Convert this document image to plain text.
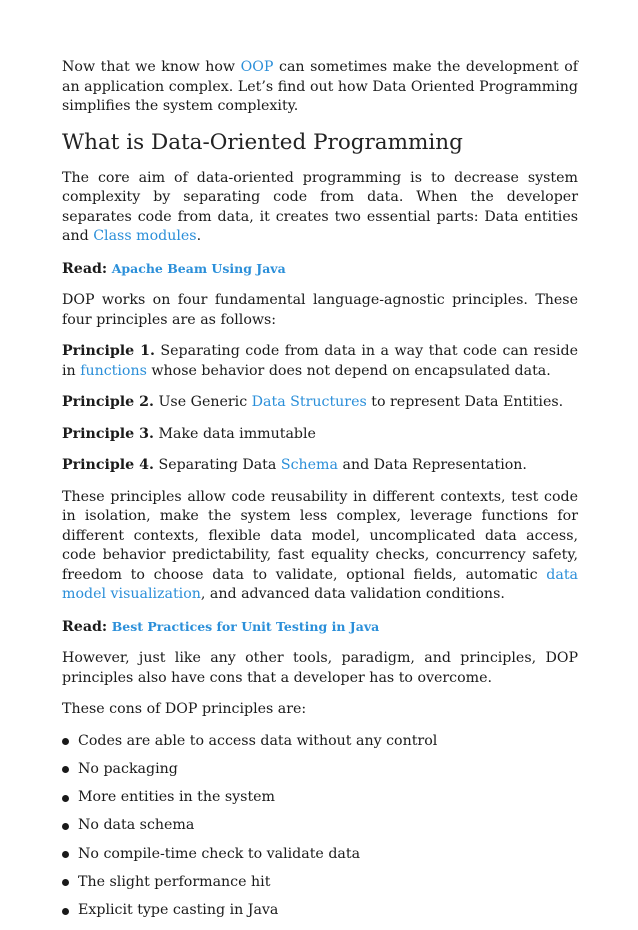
Now that we know how OOP can sometimes make the development of an application complex. Let’s find out how Data Oriented Programming simplifies the system complexity.

What is Data-Oriented Programming

The core aim of data-oriented programming is to decrease system complexity by separating code from data. When the developer separates code from data, it creates two essential parts: Data entities and Class modules.

Read: Apache Beam Using Java

DOP works on four fundamental language-agnostic principles. These four principles are as follows:

Principle 1. Separating code from data in a way that code can reside in functions whose behavior does not depend on encapsulated data.

Principle 2. Use Generic Data Structures to represent Data Entities.

Principle 3. Make data immutable

Principle 4. Separating Data Schema and Data Representation.

These principles allow code reusability in different contexts, test code in isolation, make the system less complex, leverage functions for different contexts, flexible data model, uncomplicated data access, code behavior predictability, fast equality checks, concurrency safety, freedom to choose data to validate, optional fields, automatic data model visualization, and advanced data validation conditions.

Read: Best Practices for Unit Testing in Java

However, just like any other tools, paradigm, and principles, DOP principles also have cons that a developer has to overcome.

These cons of DOP principles are:

Codes are able to access data without any control
No packaging
More entities in the system
No data schema
No compile-time check to validate data
The slight performance hit
Explicit type casting in Java
